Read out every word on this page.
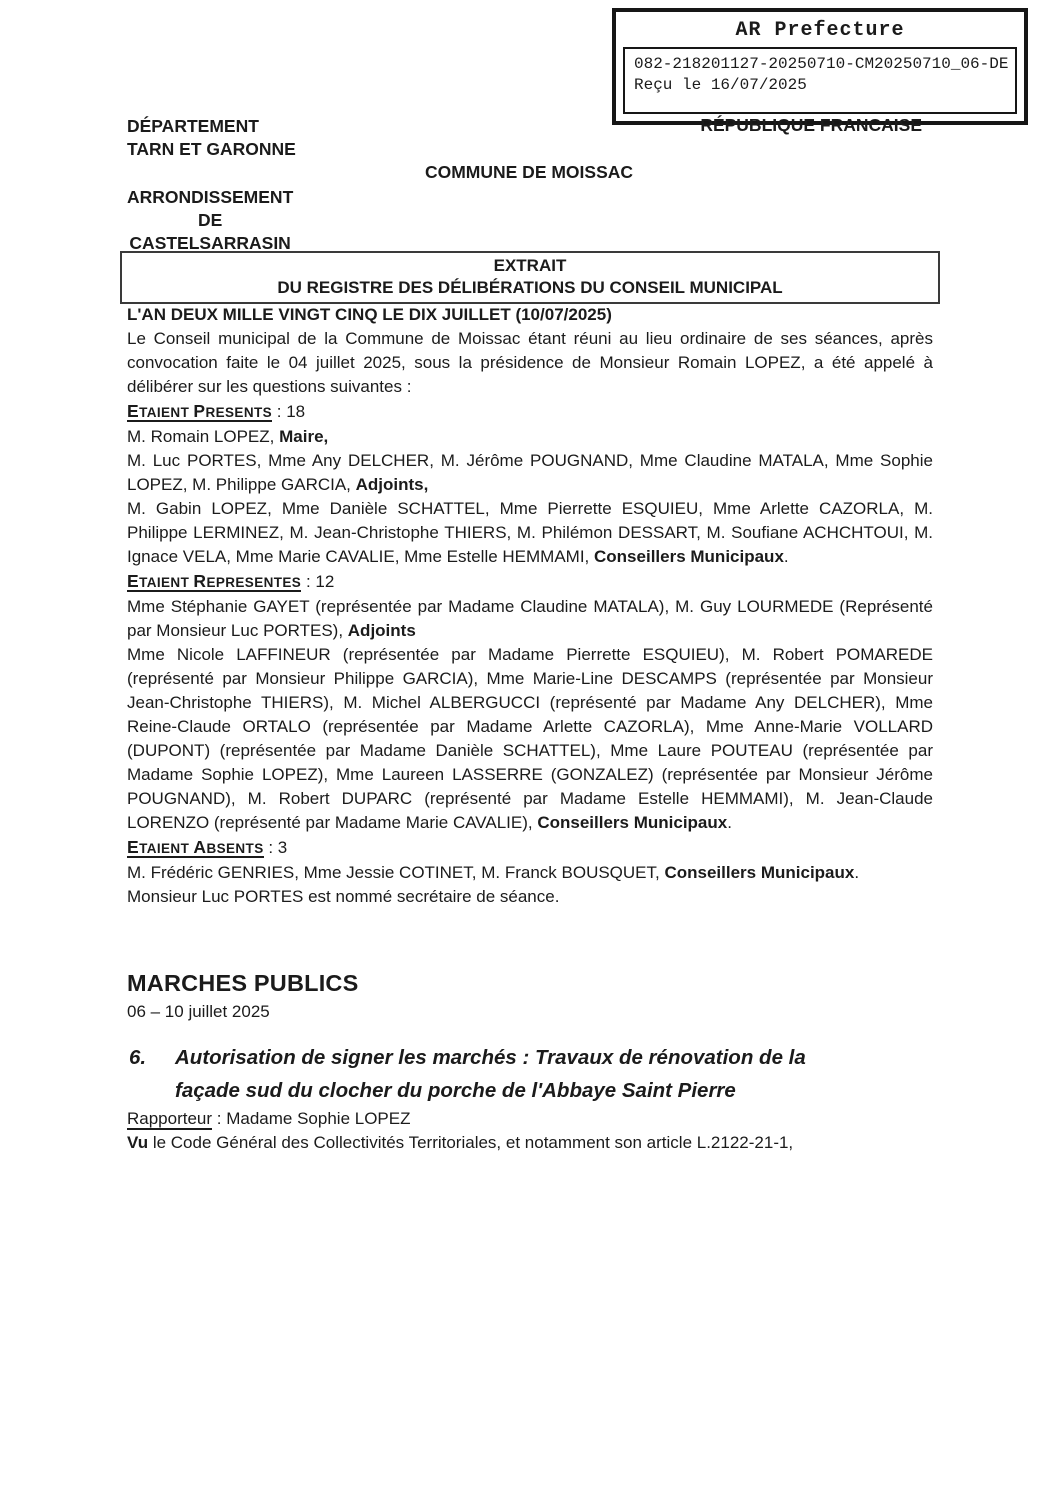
AR Prefecture
082-218201127-20250710-CM20250710_06-DE
Reçu le 16/07/2025
DÉPARTEMENT
TARN ET GARONNE
RÉPUBLIQUE FRANCAISE
COMMUNE DE MOISSAC
ARRONDISSEMENT
DE
CASTELSARRASIN
EXTRAIT
DU REGISTRE DES DÉLIBÉRATIONS DU CONSEIL MUNICIPAL

L'AN DEUX MILLE VINGT CINQ LE DIX JUILLET (10/07/2025)

Le Conseil municipal de la Commune de Moissac étant réuni au lieu ordinaire de ses séances, après convocation faite le 04 juillet 2025, sous la présidence de Monsieur Romain LOPEZ, a été appelé à délibérer sur les questions suivantes :

ETAIENT PRESENTS : 18

M. Romain LOPEZ, Maire,

M. Luc PORTES, Mme Any DELCHER, M. Jérôme POUGNAND, Mme Claudine MATALA, Mme Sophie LOPEZ, M. Philippe GARCIA, Adjoints,

M. Gabin LOPEZ, Mme Danièle SCHATTEL, Mme Pierrette ESQUIEU, Mme Arlette CAZORLA, M. Philippe LERMINEZ, M. Jean-Christophe THIERS, M. Philémon DESSART, M. Soufiane ACHCHTOUI, M. Ignace VELA, Mme Marie CAVALIE, Mme Estelle HEMMAMI, Conseillers Municipaux.

ETAIENT REPRESENTES : 12

Mme Stéphanie GAYET (représentée par Madame Claudine MATALA), M. Guy LOURMEDE (Représenté par Monsieur Luc PORTES), Adjoints

Mme Nicole LAFFINEUR (représentée par Madame Pierrette ESQUIEU), M. Robert POMAREDE (représenté par Monsieur Philippe GARCIA), Mme Marie-Line DESCAMPS (représentée par Monsieur Jean-Christophe THIERS), M. Michel ALBERGUCCI (représenté par Madame Any DELCHER), Mme Reine-Claude ORTALO (représentée par Madame Arlette CAZORLA), Mme Anne-Marie VOLLARD (DUPONT) (représentée par Madame Danièle SCHATTEL), Mme Laure POUTEAU (représentée par Madame Sophie LOPEZ), Mme Laureen LASSERRE (GONZALEZ) (représentée par Monsieur Jérôme POUGNAND), M. Robert DUPARC (représenté par Madame Estelle HEMMAMI), M. Jean-Claude LORENZO (représenté par Madame Marie CAVALIE), Conseillers Municipaux.

ETAIENT ABSENTS : 3

M. Frédéric GENRIES, Mme Jessie COTINET, M. Franck BOUSQUET, Conseillers Municipaux.

Monsieur Luc PORTES est nommé secrétaire de séance.

MARCHES PUBLICS
06 – 10 juillet 2025
6.	Autorisation de signer les marchés : Travaux de rénovation de la
façade sud du clocher du porche de l'Abbaye Saint Pierre

Rapporteur : Madame Sophie LOPEZ

Vu le Code Général des Collectivités Territoriales, et notamment son article L.2122-21-1,
